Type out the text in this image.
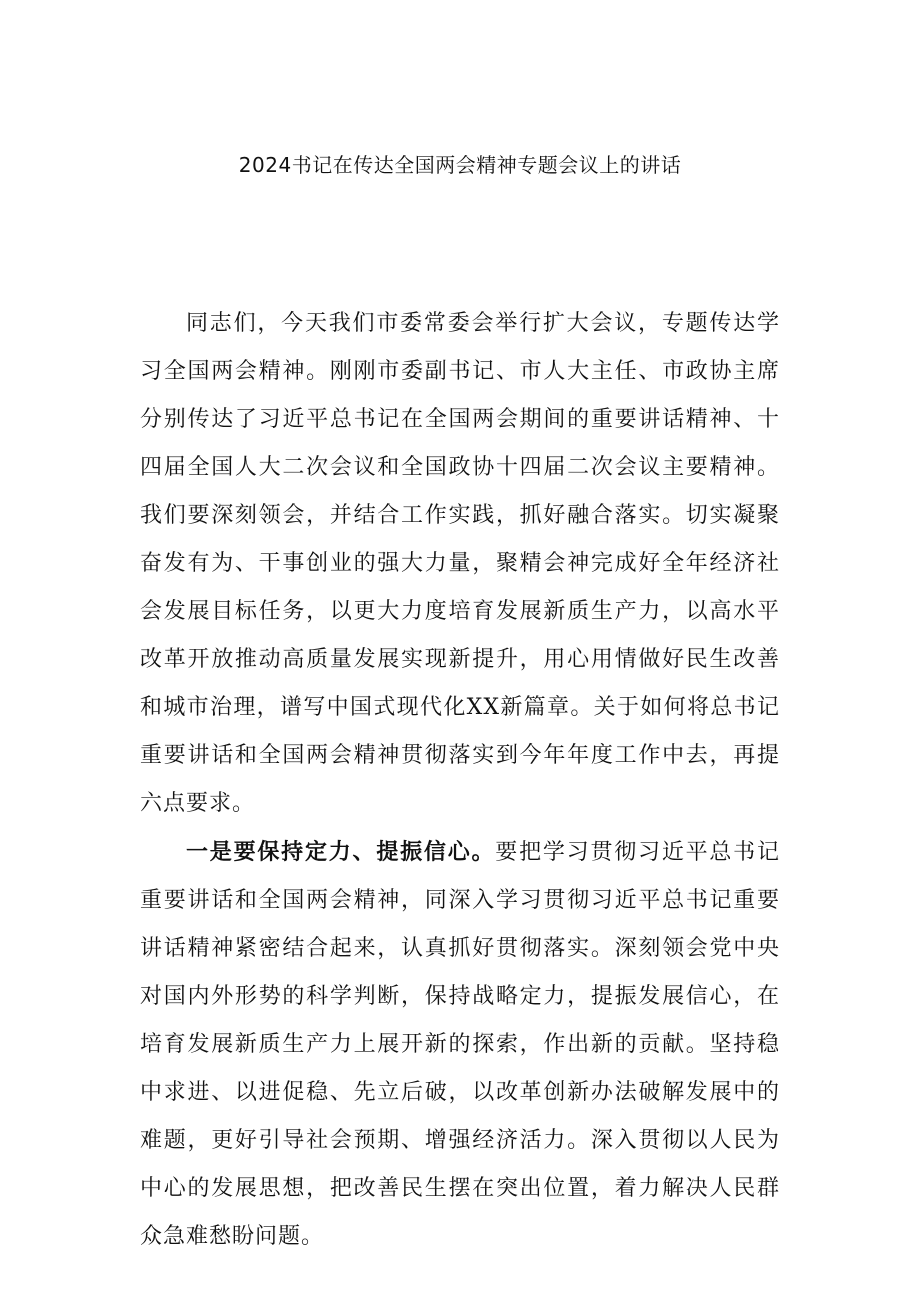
2024书记在传达全国两会精神专题会议上的讲话

同志们，今天我们市委常委会举行扩大会议，专题传达学习全国两会精神。刚刚市委副书记、市人大主任、市政协主席分别传达了习近平总书记在全国两会期间的重要讲话精神、十四届全国人大二次会议和全国政协十四届二次会议主要精神。我们要深刻领会，并结合工作实践，抓好融合落实。切实凝聚奋发有为、干事创业的强大力量，聚精会神完成好全年经济社会发展目标任务，以更大力度培育发展新质生产力，以高水平改革开放推动高质量发展实现新提升，用心用情做好民生改善和城市治理，谱写中国式现代化XX新篇章。关于如何将总书记重要讲话和全国两会精神贯彻落实到今年年度工作中去，再提六点要求。

一是要保持定力、提振信心。要把学习贯彻习近平总书记重要讲话和全国两会精神，同深入学习贯彻习近平总书记重要讲话精神紧密结合起来，认真抓好贯彻落实。深刻领会党中央对国内外形势的科学判断，保持战略定力，提振发展信心，在培育发展新质生产力上展开新的探索，作出新的贡献。坚持稳中求进、以进促稳、先立后破，以改革创新办法破解发展中的难题，更好引导社会预期、增强经济活力。深入贯彻以人民为中心的发展思想，把改善民生摆在突出位置，着力解决人民群众急难愁盼问题。
